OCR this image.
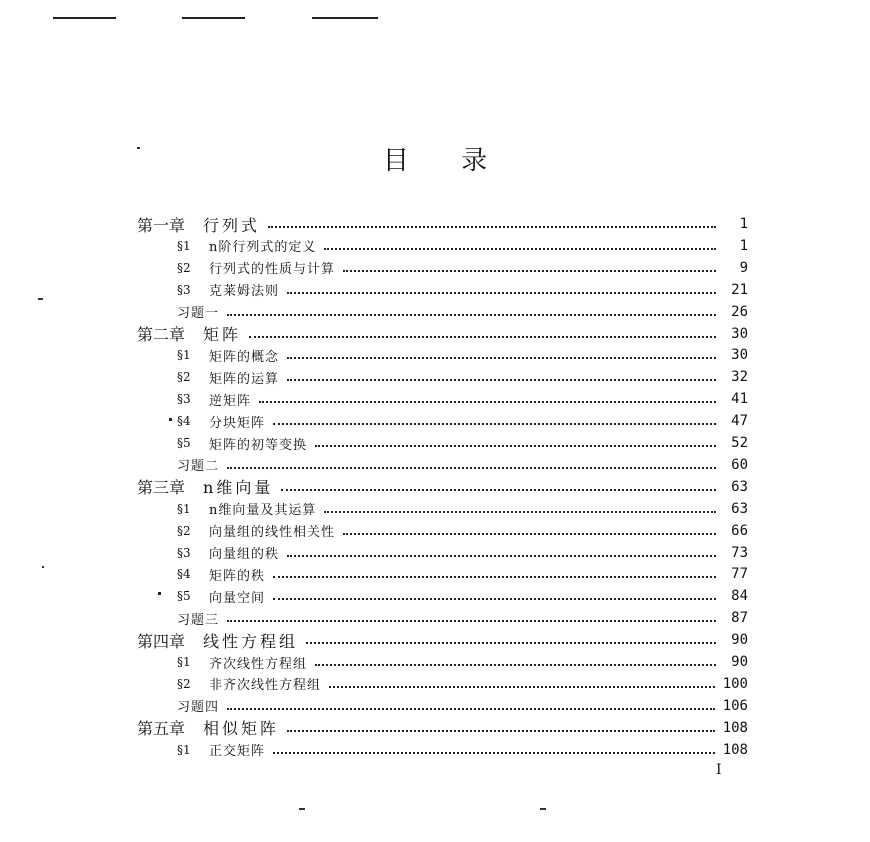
目 录
第一章 行列式	1
§1	n阶行列式的定义	1
§2	行列式的性质与计算	9
§3	克莱姆法则	21
习题一	26
第二章 矩阵	30
§1	矩阵的概念	30
§2	矩阵的运算	32
§3	逆矩阵	41
§4	分块矩阵	47
§5	矩阵的初等变换	52
习题二	60
第三章 n维向量	63
§1	n维向量及其运算	63
§2	向量组的线性相关性	66
§3	向量组的秩	73
§4	矩阵的秩	77
§5	向量空间	84
习题三	87
第四章 线性方程组	90
§1	齐次线性方程组	90
§2	非齐次线性方程组	100
习题四	106
第五章 相似矩阵	108
§1	正交矩阵	108
I
